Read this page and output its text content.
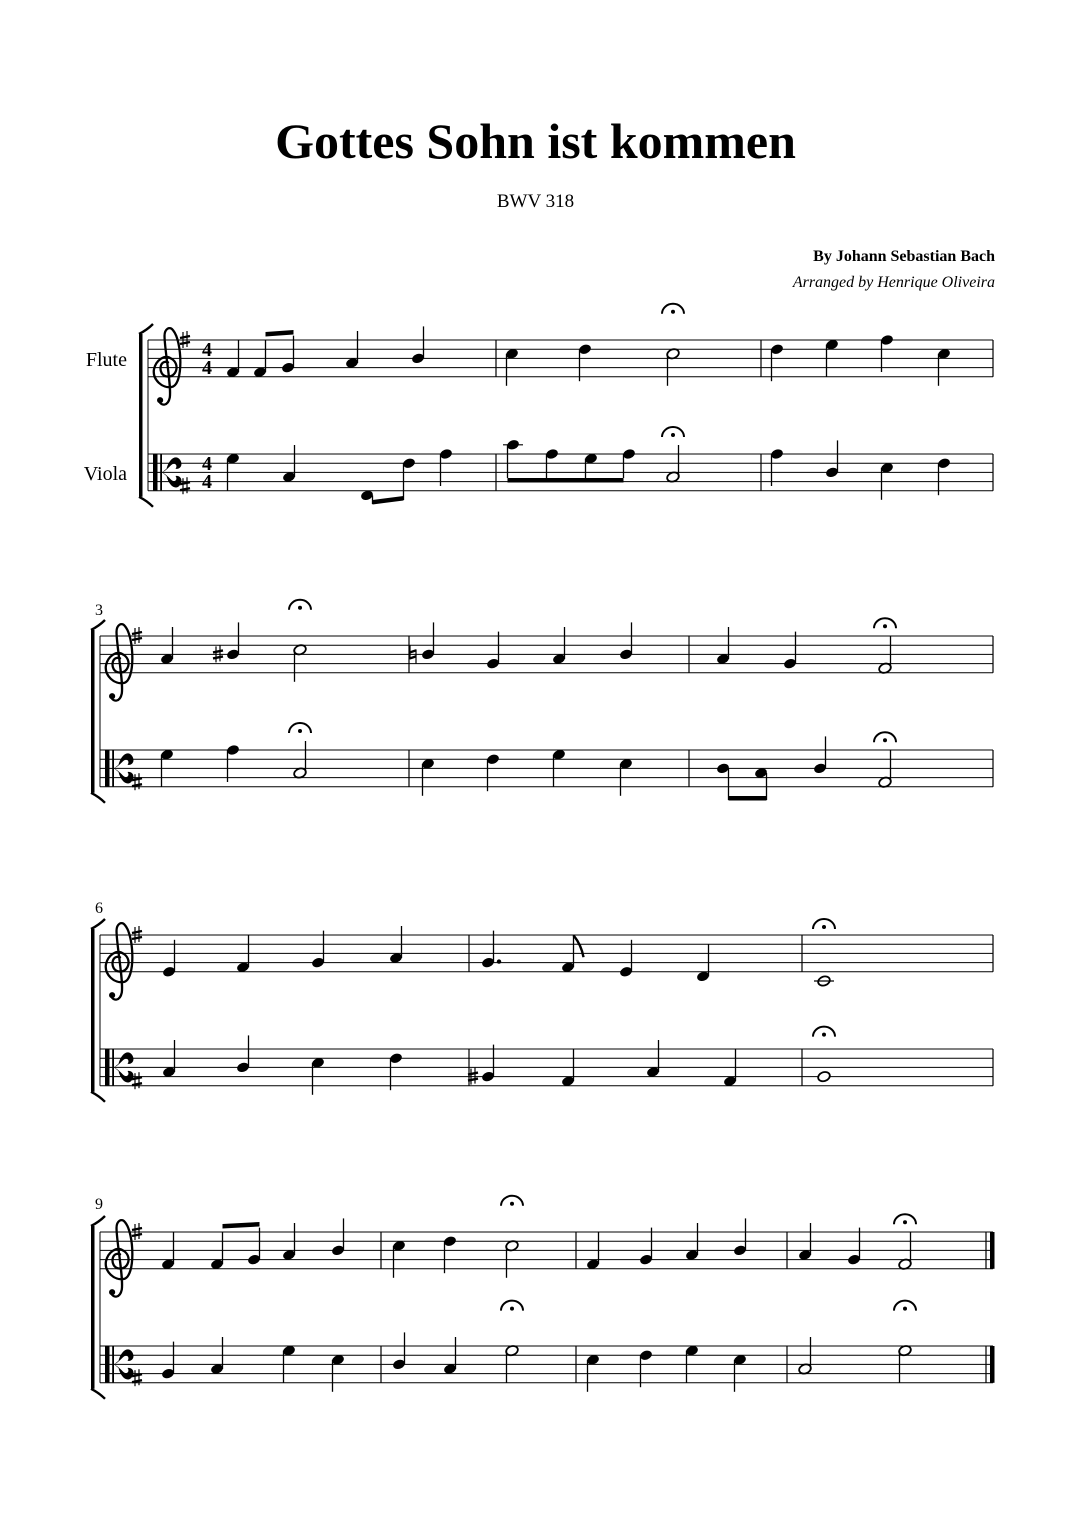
Gottes Sohn ist kommen
BWV 318
By Johann Sebastian Bach
Arranged by Henrique Oliveira
Flute
Viola
4
4
4
4
3
6
9
